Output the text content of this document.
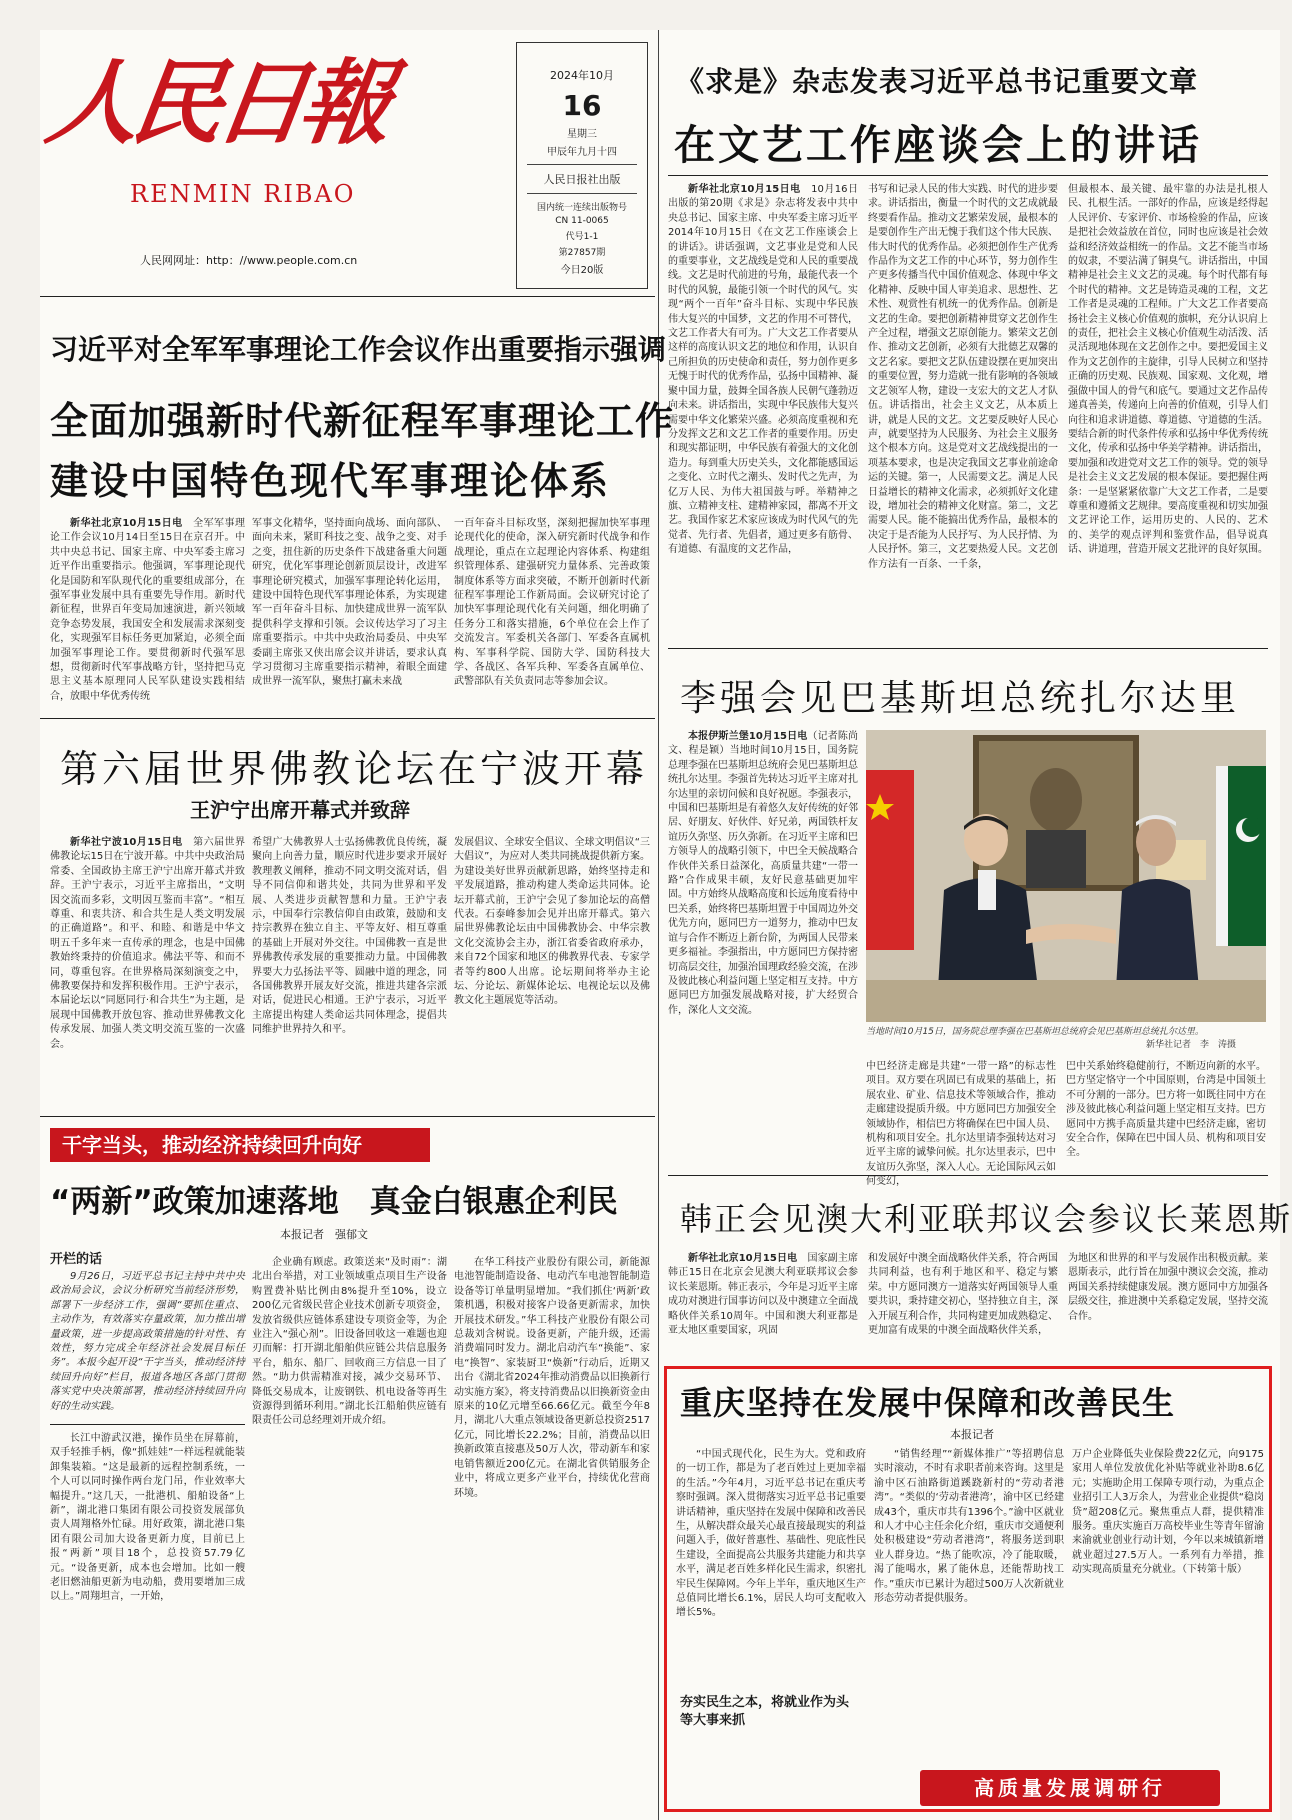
人民日報
RENMIN RIBAO
人民网网址：http：//www.people.com.cn
2024年10月
16
星期三
甲辰年九月十四
人民日报社出版
国内统一连续出版物号
CN 11-0065
代号1-1
第27857期
今日20版
《求是》杂志发表习近平总书记重要文章
在文艺工作座谈会上的讲话

新华社北京10月15日电　 10月16日出版的第20期《求是》杂志将发表中共中央总书记、国家主席、中央军委主席习近平2014年10月15日《在文艺工作座谈会上的讲话》。讲话强调，文艺事业是党和人民的重要事业，文艺战线是党和人民的重要战线。文艺是时代前进的号角，最能代表一个时代的风貌，最能引领一个时代的风气。实现“两个一百年”奋斗目标、实现中华民族伟大复兴的中国梦，文艺的作用不可替代，文艺工作者大有可为。广大文艺工作者要从这样的高度认识文艺的地位和作用，认识自己所担负的历史使命和责任，努力创作更多无愧于时代的优秀作品，弘扬中国精神、凝聚中国力量，鼓舞全国各族人民朝气蓬勃迈向未来。讲话指出，实现中华民族伟大复兴需要中华文化繁荣兴盛。必须高度重视和充分发挥文艺和文艺工作者的重要作用。历史和现实都证明，中华民族有着强大的文化创造力。每到重大历史关头，文化都能感国运之变化、立时代之潮头、发时代之先声，为亿万人民、为伟大祖国鼓与呼。举精神之旗、立精神支柱、建精神家园，都离不开文艺。我国作家艺术家应该成为时代风气的先觉者、先行者、先倡者，通过更多有筋骨、有道德、有温度的文艺作品，

书写和记录人民的伟大实践、时代的进步要求。讲话指出，衡量一个时代的文艺成就最终要看作品。推动文艺繁荣发展，最根本的是要创作生产出无愧于我们这个伟大民族、伟大时代的优秀作品。必须把创作生产优秀作品作为文艺工作的中心环节，努力创作生产更多传播当代中国价值观念、体现中华文化精神、反映中国人审美追求、思想性、艺术性、观赏性有机统一的优秀作品。创新是文艺的生命。要把创新精神贯穿文艺创作生产全过程，增强文艺原创能力。繁荣文艺创作、推动文艺创新，必须有大批德艺双馨的文艺名家。要把文艺队伍建设摆在更加突出的重要位置，努力造就一批有影响的各领域文艺领军人物，建设一支宏大的文艺人才队伍。讲话指出，社会主义文艺，从本质上讲，就是人民的文艺。文艺要反映好人民心声，就要坚持为人民服务、为社会主义服务这个根本方向。这是党对文艺战线提出的一项基本要求，也是决定我国文艺事业前途命运的关键。第一，人民需要文艺。满足人民日益增长的精神文化需求，必须抓好文化建设，增加社会的精神文化财富。第二，文艺需要人民。能不能搞出优秀作品，最根本的决定于是否能为人民抒写、为人民抒情、为人民抒怀。第三，文艺要热爱人民。文艺创作方法有一百条、一千条，

但最根本、最关键、最牢靠的办法是扎根人民、扎根生活。一部好的作品，应该是经得起人民评价、专家评价、市场检验的作品，应该是把社会效益放在首位，同时也应该是社会效益和经济效益相统一的作品。文艺不能当市场的奴隶，不要沾满了铜臭气。讲话指出，中国精神是社会主义文艺的灵魂。每个时代都有每个时代的精神。文艺是铸造灵魂的工程，文艺工作者是灵魂的工程师。广大文艺工作者要高扬社会主义核心价值观的旗帜，充分认识肩上的责任，把社会主义核心价值观生动活泼、活灵活现地体现在文艺创作之中。要把爱国主义作为文艺创作的主旋律，引导人民树立和坚持正确的历史观、民族观、国家观、文化观，增强做中国人的骨气和底气。要通过文艺作品传递真善美，传递向上向善的价值观，引导人们向往和追求讲道德、尊道德、守道德的生活。要结合新的时代条件传承和弘扬中华优秀传统文化，传承和弘扬中华美学精神。讲话指出，要加强和改进党对文艺工作的领导。党的领导是社会主义文艺发展的根本保证。要把握住两条：一是坚紧紧依靠广大文艺工作者，二是要尊重和遵循文艺规律。要高度重视和切实加强文艺评论工作，运用历史的、人民的、艺术的、美学的观点评判和鉴赏作品，倡导说真话、讲道理，营造开展文艺批评的良好氛围。

习近平对全军军事理论工作会议作出重要指示强调
全面加强新时代新征程军事理论工作
建设中国特色现代军事理论体系

新华社北京10月15日电　 全军军事理论工作会议10月14日至15日在京召开。中共中央总书记、国家主席、中央军委主席习近平作出重要指示。他强调，军事理论现代化是国防和军队现代化的重要组成部分，在强军事业发展中具有重要先导作用。新时代新征程，世界百年变局加速演进，新兴领域竞争态势发展，我国安全和发展需求深刻变化，实现强军目标任务更加紧迫，必须全面加强军事理论工作。要贯彻新时代强军思想，贯彻新时代军事战略方针，坚持把马克思主义基本原理同人民军队建设实践相结合，放眼中华优秀传统

军事文化精华，坚持面向战场、面向部队、面向未来，紧盯科技之变、战争之变、对手之变，扭住新的历史条件下战建备重大问题研究，优化军事理论创新顶层设计，改进军事理论研究模式，加强军事理论转化运用，建设中国特色现代军事理论体系，为实现建军一百年奋斗目标、加快建成世界一流军队提供科学支撑和引领。会议传达学习了习主席重要指示。中共中央政治局委员、中央军委副主席张又侠出席会议并讲话，要求认真学习贯彻习主席重要指示精神，着眼全面建成世界一流军队，聚焦打赢未来战

一百年奋斗目标攻坚，深刻把握加快军事理论现代化的使命，深入研究新时代战争和作战理论，重点在立起理论内容体系、构建组织管理体系、建强研究力量体系、完善政策制度体系等方面求突破，不断开创新时代新征程军事理论工作新局面。会议研究讨论了加快军事理论现代化有关问题，细化明确了任务分工和落实措施，6个单位在会上作了交流发言。军委机关各部门、军委各直属机构、军事科学院、国防大学、国防科技大学、各战区、各军兵种、军委各直属单位、武警部队有关负责同志等参加会议。

第六届世界佛教论坛在宁波开幕
王沪宁出席开幕式并致辞

新华社宁波10月15日电　 第六届世界佛教论坛15日在宁波开幕。中共中央政治局常委、全国政协主席王沪宁出席开幕式并致辞。王沪宁表示，习近平主席指出，“文明因交流而多彩，文明因互鉴而丰富”。“相互尊重、和衷共济、和合共生是人类文明发展的正确道路”。和平、和睦、和谐是中华文明五千多年来一直传承的理念，也是中国佛教始终秉持的价值追求。佛法平等、和而不同，尊重包容。在世界格局深刻演变之中，佛教要保持和发挥积极作用。王沪宁表示，本届论坛以“同愿同行·和合共生”为主题，是展现中国佛教开放包容、推动世界佛教文化传承发展、加强人类文明交流互鉴的一次盛会。

希望广大佛教界人士弘扬佛教优良传统，凝聚向上向善力量，顺应时代进步要求开展好教理教义阐释，推动不同文明交流对话，倡导不同信仰和谐共处，共同为世界和平发展、人类进步贡献智慧和力量。王沪宁表示，中国奉行宗教信仰自由政策，鼓励和支持宗教界在独立自主、平等友好、相互尊重的基础上开展对外交往。中国佛教一直是世界佛教传承发展的重要推动力量。中国佛教界要大力弘扬法平等、圆融中道的理念，同各国佛教界开展友好交流，推进共建各宗派对话，促进民心相通。王沪宁表示，习近平主席提出构建人类命运共同体理念，提倡共同维护世界持久和平。

发展倡议、全球安全倡议、全球文明倡议“三大倡议”，为应对人类共同挑战提供新方案。为建设美好世界贡献新思路，始终坚持走和平发展道路，推动构建人类命运共同体。论坛开幕式前，王沪宁会见了参加论坛的高僧代表。石泰峰参加会见并出席开幕式。第六届世界佛教论坛由中国佛教协会、中华宗教文化交流协会主办，浙江省委省政府承办，来自72个国家和地区的佛教界代表、专家学者等约800人出席。论坛期间将举办主论坛、分论坛、新媒体论坛、电视论坛以及佛教文化主题展览等活动。

干字当头，推动经济持续回升向好
“两新”政策加速落地　真金白银惠企利民
本报记者　强郁文
开栏的话

9月26日，习近平总书记主持中共中央政治局会议，会议分析研究当前经济形势，部署下一步经济工作，强调“要抓住重点、主动作为，有效落实存量政策，加力推出增量政策，进一步提高政策措施的针对性、有效性，努力完成全年经济社会发展目标任务”。本报今起开设“干字当头，推动经济持续回升向好”栏目，报道各地区各部门贯彻落实党中央决策部署，推动经济持续回升向好的生动实践。

长江中游武汉港，操作员坐在屏幕前，双手轻推手柄，像“抓娃娃”一样远程就能装卸集装箱。“这是最新的远程控制系统，一个人可以同时操作两台龙门吊，作业效率大幅提升。”这几天，一批港机、船舶设备“上新”，湖北港口集团有限公司投资发展部负责人周翔格外忙碌。用好政策，湖北港口集团有限公司加大设备更新力度，目前已上报“两新”项目18个，总投资57.79亿元。“设备更新，成本也会增加。比如一艘老旧燃油船更新为电动船，费用要增加三成以上。”周翔坦言，一开始，

企业确有顾虑。政策送来“及时雨”：湖北出台举措，对工业领域重点项目生产设备购置费补贴比例由8%提升至10%，设立200亿元省级民营企业技术创新专项资金，发放省级供应链体系建设专项资金等，为企业注入“强心剂”。旧设备回收这一难题也迎刃而解：打开湖北船舶供应链公共信息服务平台，船东、船厂、回收商三方信息一目了然。“助力供需精准对接，减少交易环节、降低交易成本，让废钢铁、机电设备等再生资源得到循环利用。”湖北长江船舶供应链有限责任公司总经理刘开成介绍。

在华工科技产业股份有限公司，新能源电池智能制造设备、电动汽车电池智能制造设备等订单量明显增加。“我们抓住‘两新’政策机遇，积极对接客户设备更新需求，加快开展技术研发。”华工科技产业股份有限公司总裁刘含树说。设备更新，产能升级，还需消费端同时发力。湖北启动汽车“换能”、家电“换智”、家装厨卫“焕新”行动后，近期又出台《湖北省2024年推动消费品以旧换新行动实施方案》，将支持消费品以旧换新资金由原来的10亿元增至66.66亿元。截至今年8月，湖北八大重点领域设备更新总投资2517亿元，同比增长22.2%；目前，消费品以旧换新政策直接惠及50万人次，带动新车和家电销售额近200亿元。在湖北省供销服务企业中，将成立更多产业平台，持续优化营商环境。

李强会见巴基斯坦总统扎尔达里

本报伊斯兰堡10月15日电（记者陈尚文、程是颖）当地时间10月15日，国务院总理李强在巴基斯坦总统府会见巴基斯坦总统扎尔达里。李强首先转达习近平主席对扎尔达里的亲切问候和良好祝愿。李强表示，中国和巴基斯坦是有着悠久友好传统的好邻居、好朋友、好伙伴、好兄弟，两国铁杆友谊历久弥坚、历久弥新。在习近平主席和巴方领导人的战略引领下，中巴全天候战略合作伙伴关系日益深化，高质量共建“一带一路”合作成果丰硕，友好民意基础更加牢固。中方始终从战略高度和长远角度看待中巴关系，始终将巴基斯坦置于中国周边外交优先方向，愿同巴方一道努力，推动中巴友谊与合作不断迈上新台阶，为两国人民带来更多福祉。李强指出，中方愿同巴方保持密切高层交往，加强治国理政经验交流，在涉及彼此核心利益问题上坚定相互支持。中方愿同巴方加强发展战略对接，扩大经贸合作，深化人文交流。

当地时间10月15日，国务院总理李强在巴基斯坦总统府会见巴基斯坦总统扎尔达里。
新华社记者　李　涛摄

中巴经济走廊是共建“一带一路”的标志性项目。双方要在巩固已有成果的基础上，拓展农业、矿业、信息技术等领域合作，推动走廊建设提质升级。中方愿同巴方加强安全领域协作，相信巴方将确保在巴中国人员、机构和项目安全。扎尔达里请李强转达对习近平主席的诚挚问候。扎尔达里表示，巴中友谊历久弥坚，深入人心。无论国际风云如何变幻，

巴中关系始终稳健前行，不断迈向新的水平。巴方坚定恪守一个中国原则，台湾是中国领土不可分割的一部分。巴方将一如既往同中方在涉及彼此核心利益问题上坚定相互支持。巴方愿同中方携手高质量共建中巴经济走廊，密切安全合作，保障在巴中国人员、机构和项目安全。

韩正会见澳大利亚联邦议会参议长莱恩斯

新华社北京10月15日电　 国家副主席韩正15日在北京会见澳大利亚联邦议会参议长莱恩斯。韩正表示，今年是习近平主席成功对澳进行国事访问以及中澳建立全面战略伙伴关系10周年。中国和澳大利亚都是亚太地区重要国家，巩固

和发展好中澳全面战略伙伴关系，符合两国共同利益，也有利于地区和平、稳定与繁荣。中方愿同澳方一道落实好两国领导人重要共识，秉持建交初心，坚持独立自主，深入开展互利合作，共同构建更加成熟稳定、更加富有成果的中澳全面战略伙伴关系，

为地区和世界的和平与发展作出积极贡献。莱恩斯表示，此行旨在加强中澳议会交流，推动两国关系持续健康发展。澳方愿同中方加强各层级交往，推进澳中关系稳定发展，坚持交流合作。

重庆坚持在发展中保障和改善民生
本报记者

“中国式现代化，民生为大。党和政府的一切工作，都是为了老百姓过上更加幸福的生活。”今年4月，习近平总书记在重庆考察时强调。深入贯彻落实习近平总书记重要讲话精神，重庆坚持在发展中保障和改善民生，从解决群众最关心最直接最现实的利益问题入手，做好普惠性、基础性、兜底性民生建设，全面提高公共服务共建能力和共享水平，满足老百姓多样化民生需求，织密扎牢民生保障网。今年上半年，重庆地区生产总值同比增长6.1%，居民人均可支配收入增长5%。

夯实民生之本，将就业作为头等大事来抓

“销售经理”“新媒体推广”等招聘信息实时滚动，不时有求职者前来咨询。这里是渝中区石油路街道蹊跷新村的“劳动者港湾”。“类似的‘劳动者港湾’，渝中区已经建成43个，重庆市共有1396个。”渝中区就业和人才中心主任余化介绍，重庆市交通便利处积极建设“劳动者港湾”，将服务送到职业人群身边。“热了能吹凉，冷了能取暖，渴了能喝水，累了能休息，还能帮助找工作。”重庆市已累计为超过500万人次新就业形态劳动者提供服务。

万户企业降低失业保险费22亿元，向9175家用人单位发放优化补贴等就业补助8.6亿元；实施助企用工保障专项行动，为重点企业招引工人3万余人，为营业企业提供“稳岗贷”超208亿元。聚焦重点人群，提供精准服务。重庆实施百万高校毕业生等青年留渝来渝就业创业行动计划，今年以来城镇新增就业超过27.5万人。一系列有力举措，推动实现高质量充分就业。（下转第十版）

高质量发展调研行
